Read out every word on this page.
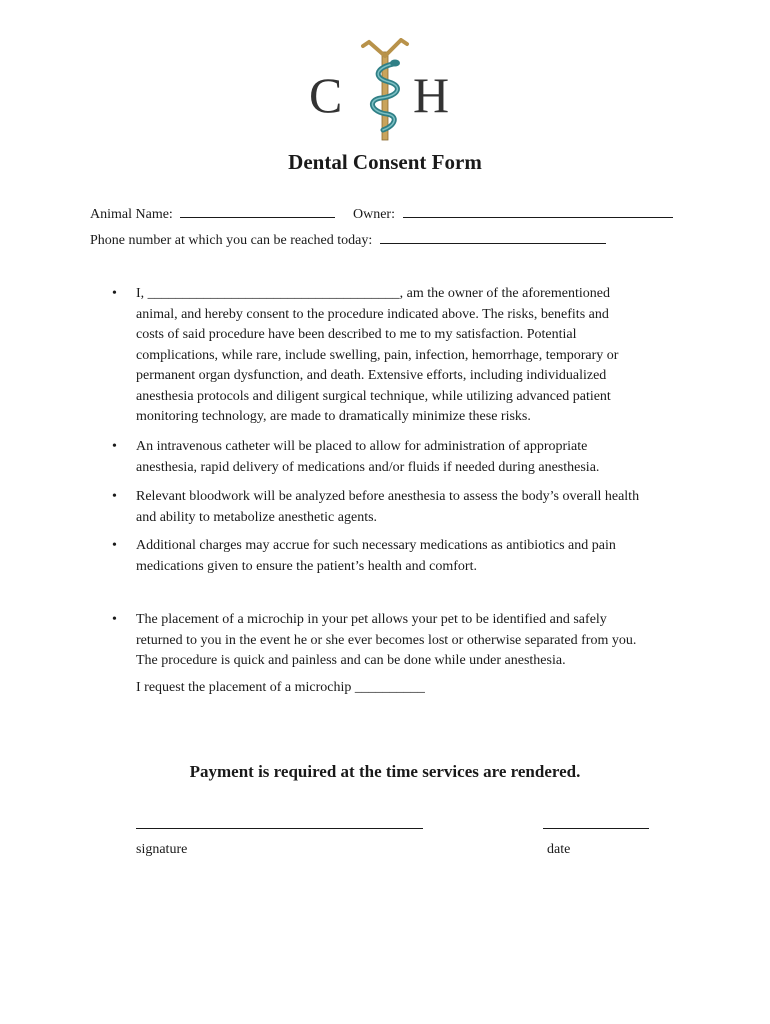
C H
Dental Consent Form
Animal Name:	Owner:
Phone number at which you can be reached today:
• I, ____________________________________, am the owner of the aforementioned
animal, and hereby consent to the procedure indicated above. The risks, benefits and
costs of said procedure have been described to me to my satisfaction. Potential
complications, while rare, include swelling, pain, infection, hemorrhage, temporary or
permanent organ dysfunction, and death. Extensive efforts, including individualized
anesthesia protocols and diligent surgical technique, while utilizing advanced patient
monitoring technology, are made to dramatically minimize these risks.
• An intravenous catheter will be placed to allow for administration of appropriate
anesthesia, rapid delivery of medications and/or fluids if needed during anesthesia.
• Relevant bloodwork will be analyzed before anesthesia to assess the body’s overall health
and ability to metabolize anesthetic agents.
• Additional charges may accrue for such necessary medications as antibiotics and pain
medications given to ensure the patient’s health and comfort.
• The placement of a microchip in your pet allows your pet to be identified and safely
returned to you in the event he or she ever becomes lost or otherwise separated from you.
The procedure is quick and painless and can be done while under anesthesia.
I request the placement of a microchip __________
Payment is required at the time services are rendered.
signature	date
